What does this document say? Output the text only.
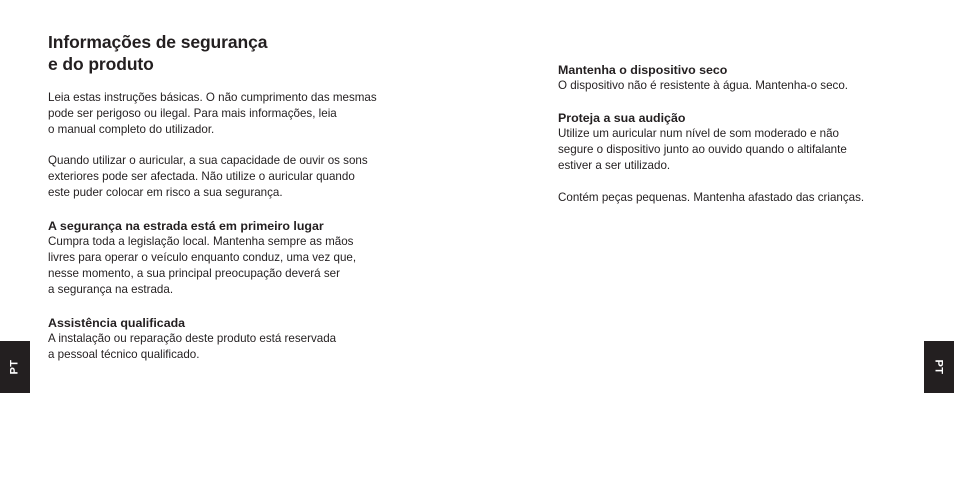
Informações de segurança
e do produto

Leia estas instruções básicas. O não cumprimento das mesmas
pode ser perigoso ou ilegal. Para mais informações, leia
o manual completo do utilizador.

Quando utilizar o auricular, a sua capacidade de ouvir os sons
exteriores pode ser afectada. Não utilize o auricular quando
este puder colocar em risco a sua segurança.

A segurança na estrada está em primeiro lugar

Cumpra toda a legislação local. Mantenha sempre as mãos
livres para operar o veículo enquanto conduz, uma vez que,
nesse momento, a sua principal preocupação deverá ser
a segurança na estrada.

Assistência qualificada

A instalação ou reparação deste produto está reservada
a pessoal técnico qualificado.

Mantenha o dispositivo seco

O dispositivo não é resistente à água. Mantenha-o seco.

Proteja a sua audição

Utilize um auricular num nível de som moderado e não
segure o dispositivo junto ao ouvido quando o altifalante
estiver a ser utilizado.

Contém peças pequenas. Mantenha afastado das crianças.

PT	PT
